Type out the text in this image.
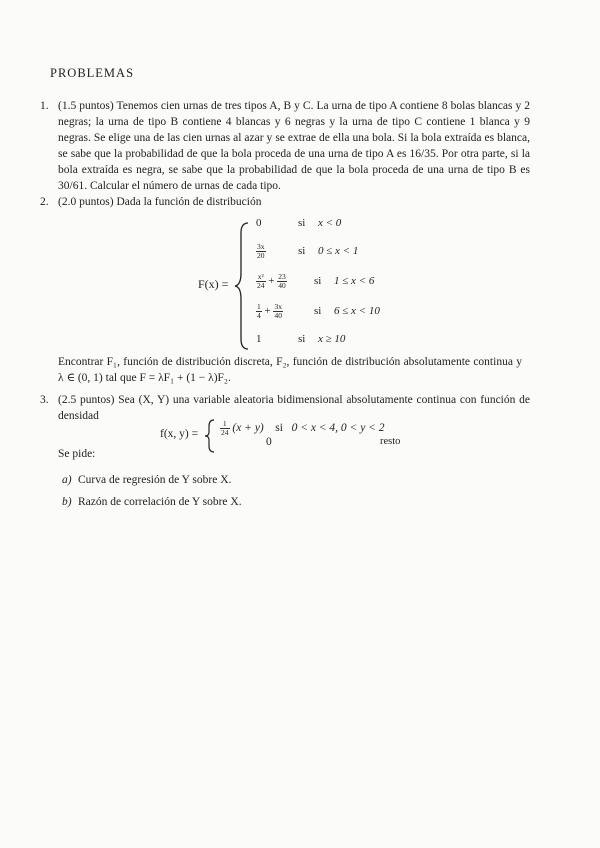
PROBLEMAS
1. (1.5 puntos) Tenemos cien urnas de tres tipos A, B y C. La urna de tipo A contiene 8 bolas blancas y 2 negras; la urna de tipo B contiene 4 blancas y 6 negras y la urna de tipo C contiene 1 blanca y 9 negras. Se elige una de las cien urnas al azar y se extrae de ella una bola. Si la bola extraída es blanca, se sabe que la probabilidad de que la bola proceda de una urna de tipo A es 16/35. Por otra parte, si la bola extraída es negra, se sabe que la probabilidad de que la bola proceda de una urna de tipo B es 30/61. Calcular el número de urnas de cada tipo.
2. (2.0 puntos) Dada la función de distribución
F(x) =
0	si x < 0
$\frac{3x}{20}$	si 0 ≤ x < 1
$\frac{\text{x²}}{24} + \frac{23}{40}$ si 1 ≤ x < 6
$\frac{1}{4} + \frac{3x}{40}$	si 6 ≤ x < 10
1	si x ≥ 10
Encontrar F₁, función de distribución discreta, F₂, función de distribución absolutamente continua y λ ∈ (0, 1) tal que F = λF₁ + (1 − λ)F₂.
3. (2.5 puntos) Sea (X, Y) una variable aleatoria bidimensional absolutamente continua con función de densidad
f(x, y) =	$\frac{1}{24} (x + y)$ si 0 < x < 4, 0 < y < 2
0	resto
Se pide:
a) Curva de regresión de Y sobre X.
b) Razón de correlación de Y sobre X.
